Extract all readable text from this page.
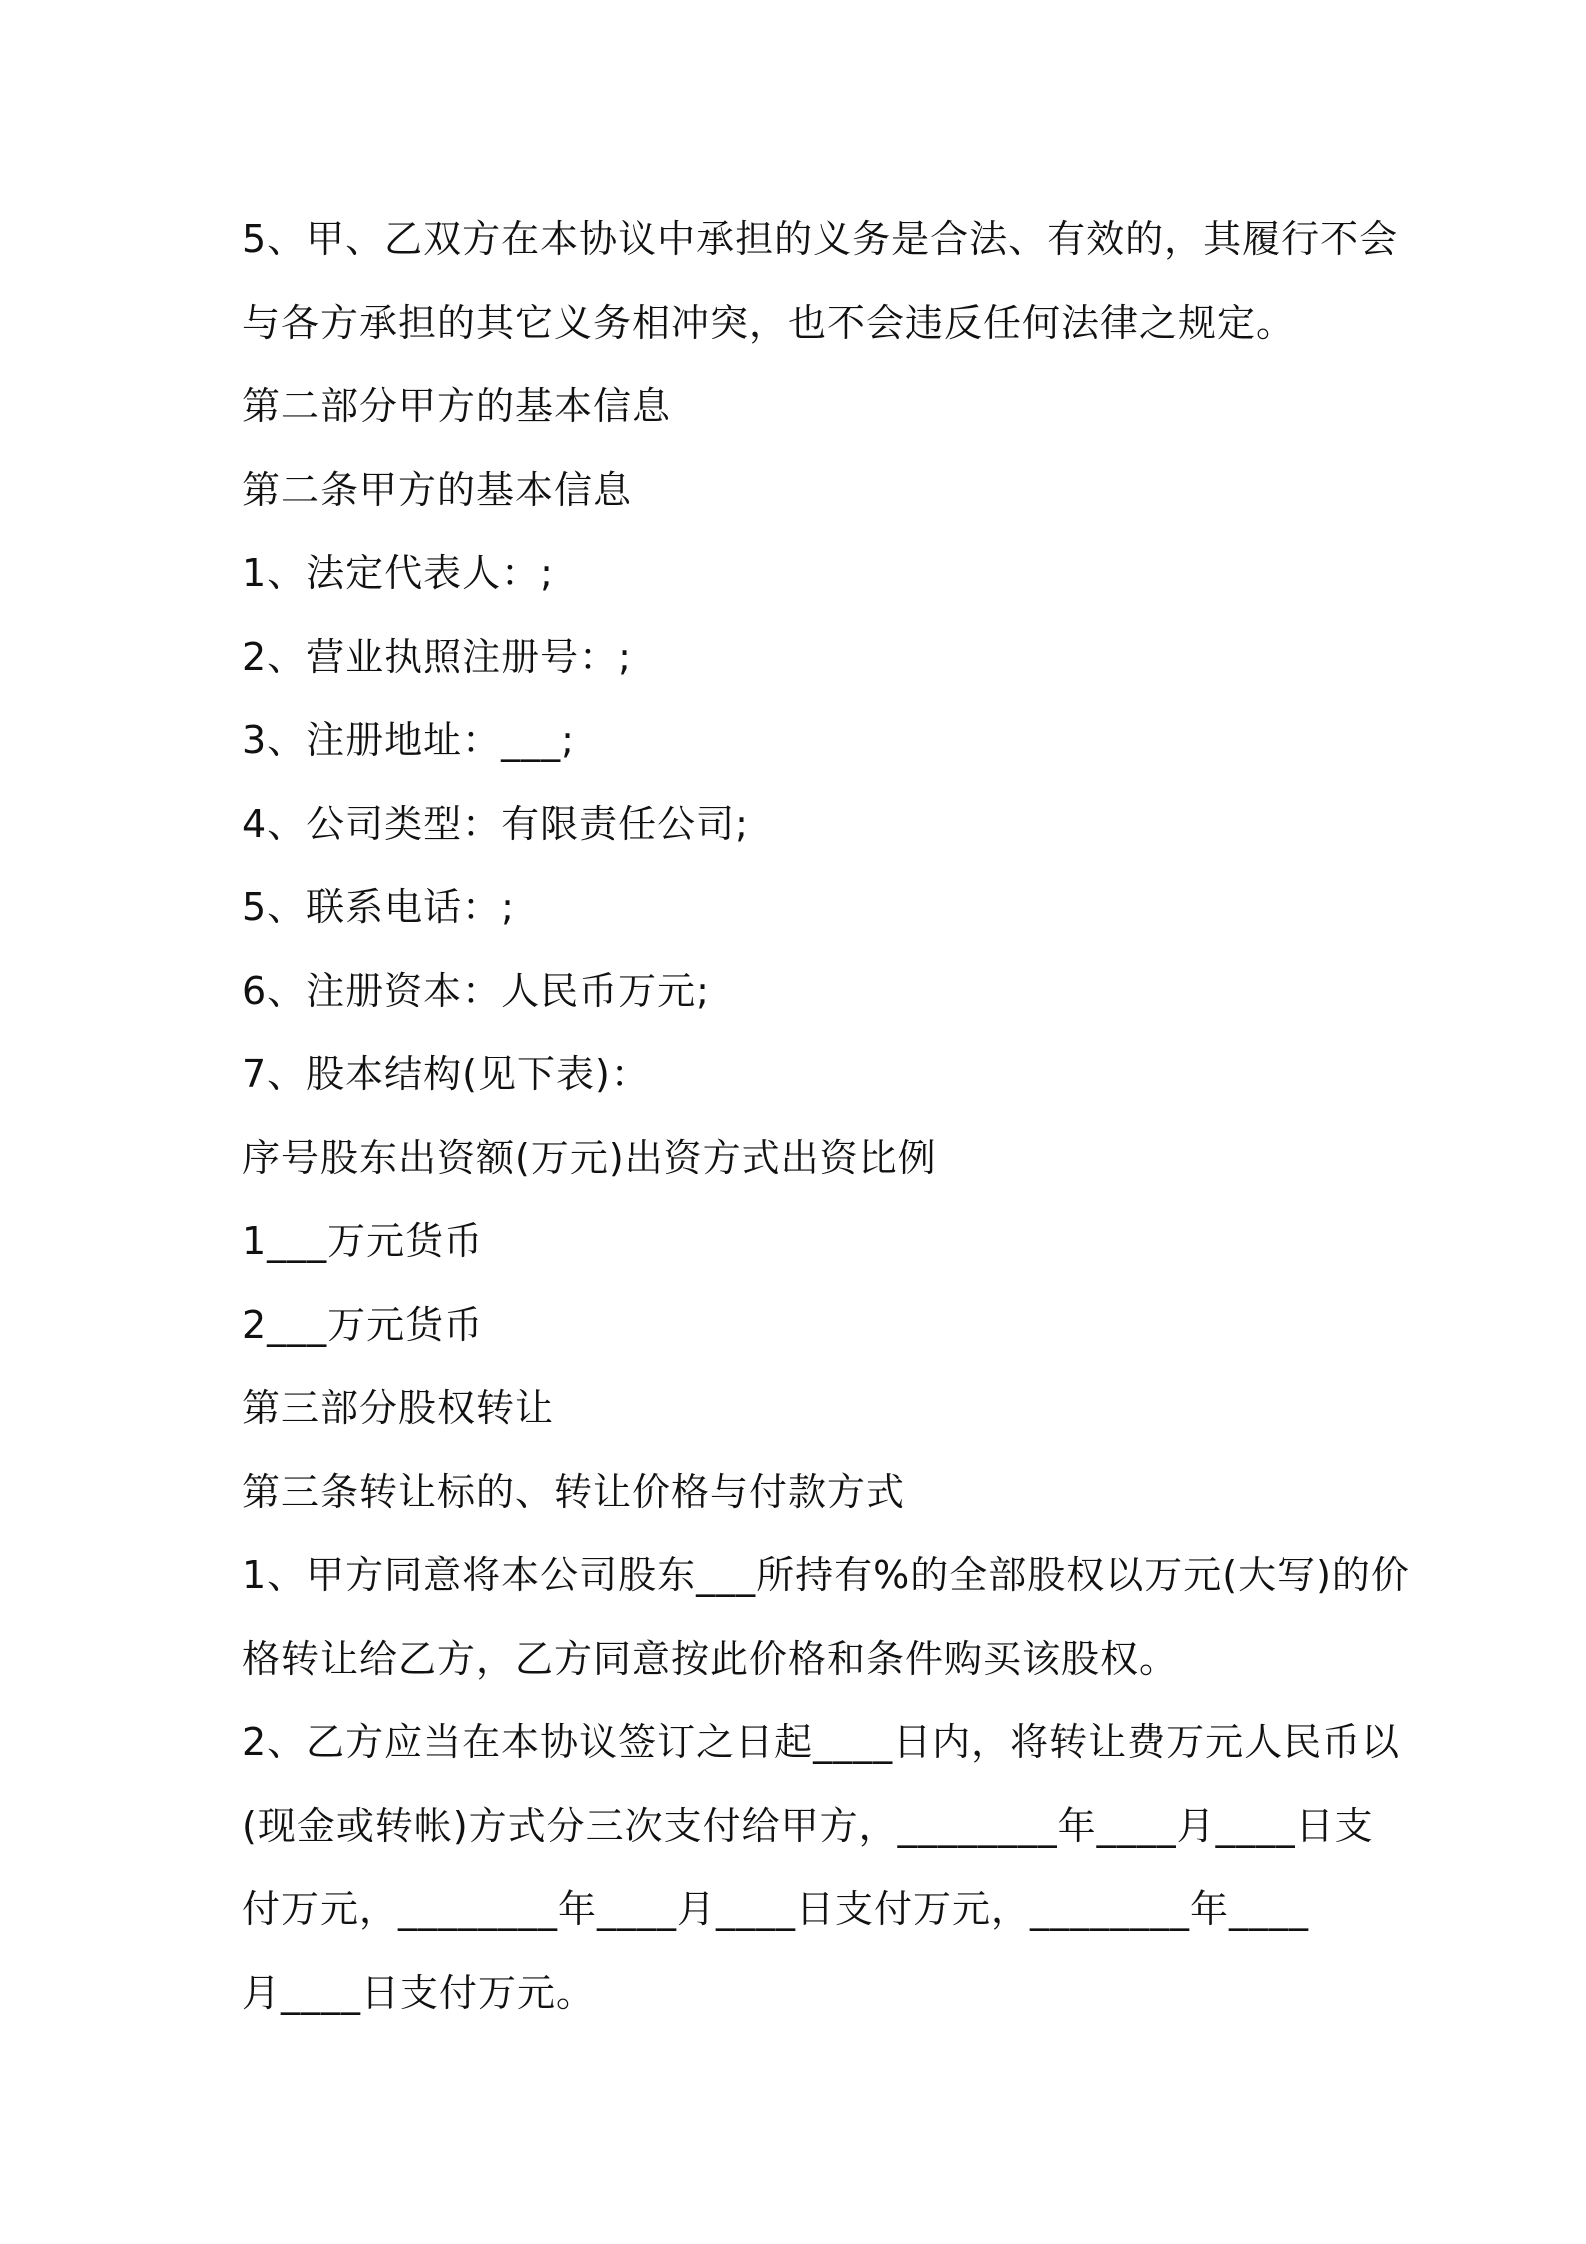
5、甲、乙双方在本协议中承担的义务是合法、有效的，其履行不会

与各方承担的其它义务相冲突，也不会违反任何法律之规定。

第二部分甲方的基本信息

第二条甲方的基本信息

1、法定代表人：;

2、营业执照注册号：;

3、注册地址：___;

4、公司类型：有限责任公司;

5、联系电话：;

6、注册资本：人民币万元;

7、股本结构(见下表)：

序号股东出资额(万元)出资方式出资比例

1___万元货币

2___万元货币

第三部分股权转让

第三条转让标的、转让价格与付款方式

1、甲方同意将本公司股东___所持有%的全部股权以万元(大写)的价

格转让给乙方，乙方同意按此价格和条件购买该股权。

2、乙方应当在本协议签订之日起____日内，将转让费万元人民币以

(现金或转帐)方式分三次支付给甲方，________年____月____日支

付万元，________年____月____日支付万元，________年____

月____日支付万元。
